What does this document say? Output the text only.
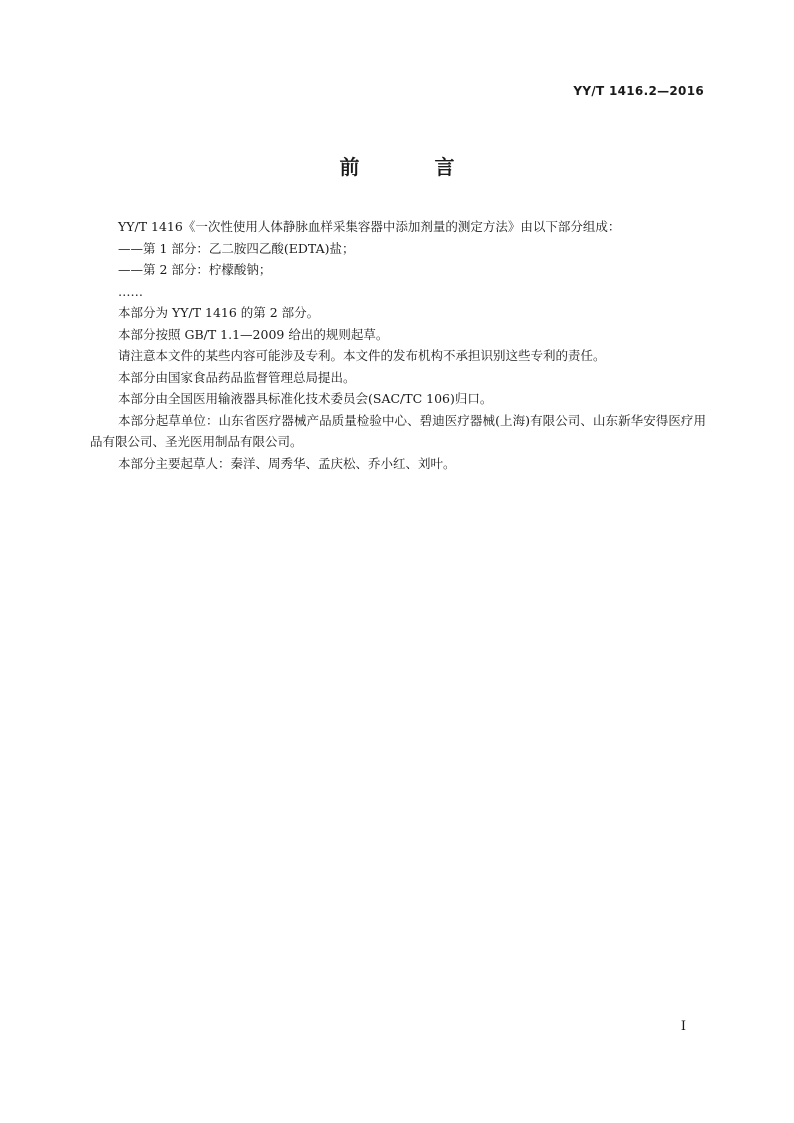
YY/T 1416.2—2016
前 言

YY/T 1416《一次性使用人体静脉血样采集容器中添加剂量的测定方法》由以下部分组成：

——第 1 部分：乙二胺四乙酸(EDTA)盐；

——第 2 部分：柠檬酸钠；

……

本部分为 YY/T 1416 的第 2 部分。

本部分按照 GB/T 1.1—2009 给出的规则起草。

请注意本文件的某些内容可能涉及专利。本文件的发布机构不承担识别这些专利的责任。

本部分由国家食品药品监督管理总局提出。

本部分由全国医用输液器具标准化技术委员会(SAC/TC 106)归口。

本部分起草单位：山东省医疗器械产品质量检验中心、碧迪医疗器械(上海)有限公司、山东新华安得医疗用品有限公司、圣光医用制品有限公司。

本部分主要起草人：秦洋、周秀华、孟庆松、乔小红、刘叶。

I
